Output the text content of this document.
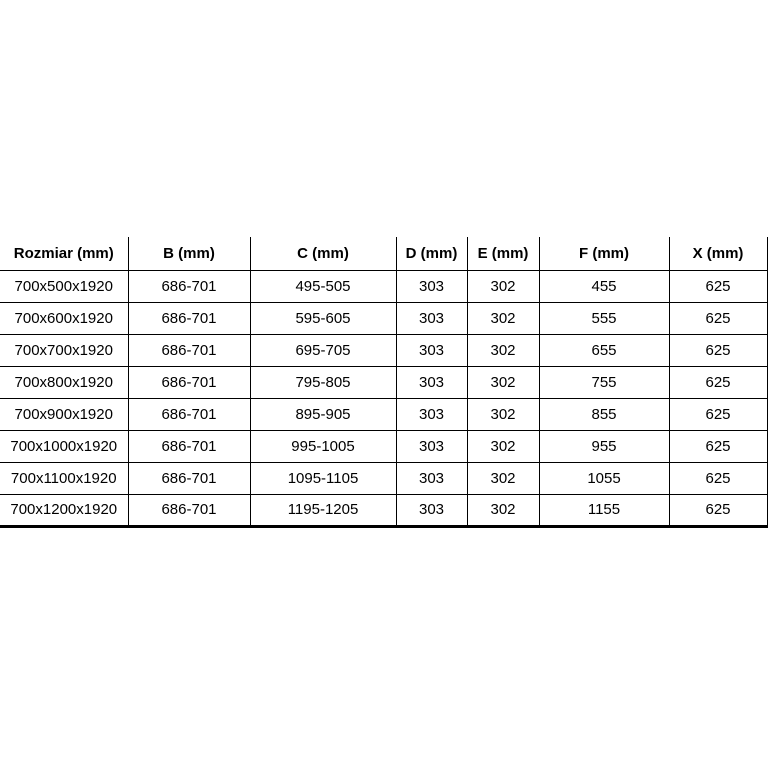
Rozmiar (mm)	B (mm)	C (mm)	D (mm)	E (mm)	F (mm)	X (mm)
700x500x1920	686-701	495-505	303	302	455	625
700x600x1920	686-701	595-605	303	302	555	625
700x700x1920	686-701	695-705	303	302	655	625
700x800x1920	686-701	795-805	303	302	755	625
700x900x1920	686-701	895-905	303	302	855	625
700x1000x1920	686-701	995-1005	303	302	955	625
700x1100x1920	686-701	1095-1105	303	302	1055	625
700x1200x1920	686-701	1195-1205	303	302	1155	625
